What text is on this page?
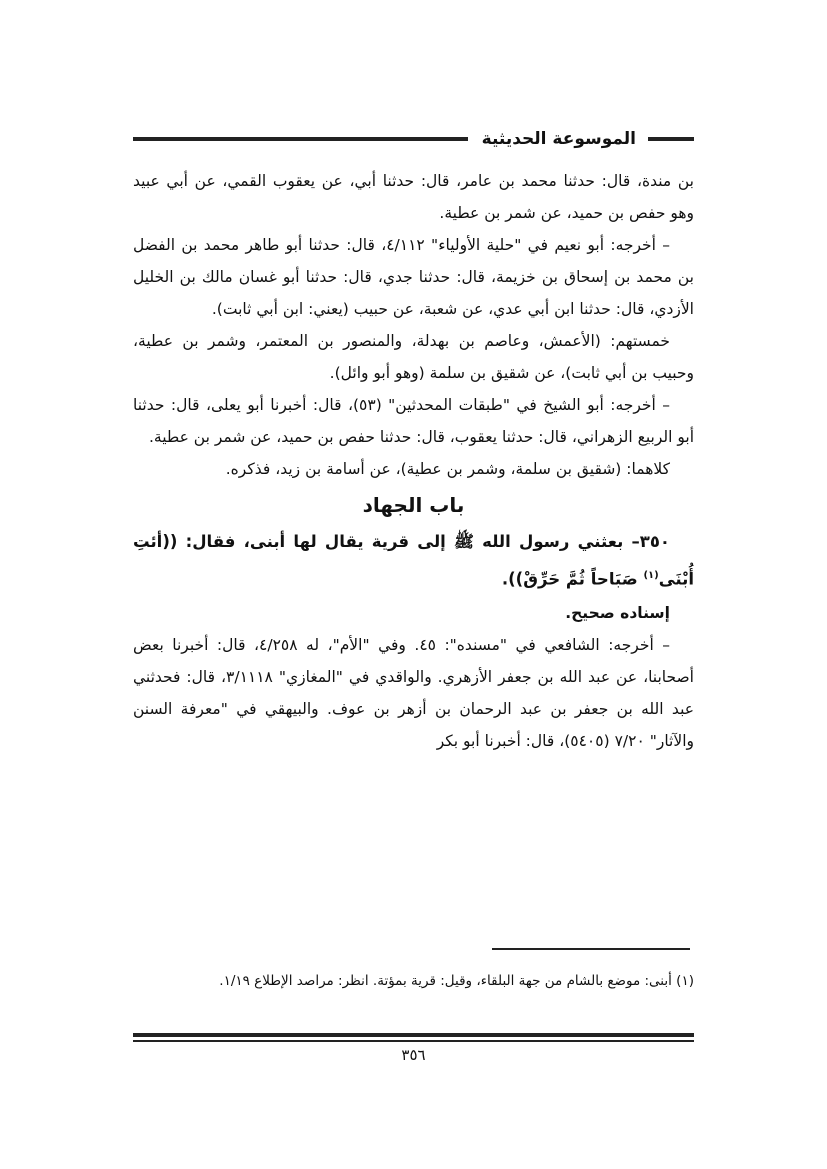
الموسوعة الحديثية

بن مندة، قال: حدثنا محمد بن عامر، قال: حدثنا أبي، عن يعقوب القمي، عن أبي عبيد وهو حفص بن حميد، عن شمر بن عطية.

– أخرجه: أبو نعيم في "حلية الأولياء" ٤/١١٢، قال: حدثنا أبو طاهر محمد بن الفضل بن محمد بن إسحاق بن خزيمة، قال: حدثنا جدي، قال: حدثنا أبو غسان مالك بن الخليل الأزدي، قال: حدثنا ابن أبي عدي، عن شعبة، عن حبيب (يعني: ابن أبي ثابت).

خمستهم: (الأعمش، وعاصم بن بهدلة، والمنصور بن المعتمر، وشمر بن عطية، وحبيب بن أبي ثابت)، عن شقيق بن سلمة (وهو أبو وائل).

– أخرجه: أبو الشيخ في "طبقات المحدثين" (٥٣)، قال: أخبرنا أبو يعلى، قال: حدثنا أبو الربيع الزهراني، قال: حدثنا يعقوب، قال: حدثنا حفص بن حميد، عن شمر بن عطية.

كلاهما: (شقيق بن سلمة، وشمر بن عطية)، عن أسامة بن زيد، فذكره.

باب الجهاد

٣٥٠– بعثني رسول الله ﷺ إلى قرية يقال لها أبنى، فقال: ((أئتِ أُبْنَى$^{(١)}$ صَبَاحاً ثُمَّ حَرِّقْ)).

إسناده صحيح.

– أخرجه: الشافعي في "مسنده": ٤٥. وفي "الأم"، له ٤/٢٥٨، قال: أخبرنا بعض أصحابنا، عن عبد الله بن جعفر الأزهري. والواقدي في "المغازي" ٣/١١١٨، قال: فحدثني عبد الله بن جعفر بن عبد الرحمان بن أزهر بن عوف. والبيهقي في "معرفة السنن والآثار" ٧/٢٠ (٥٤٠٥)، قال: أخبرنا أبو بكر

(١) أبنى: موضع بالشام من جهة البلقاء، وقيل: قرية بمؤتة. انظر: مراصد الإطلاع ١/١٩.

٣٥٦
